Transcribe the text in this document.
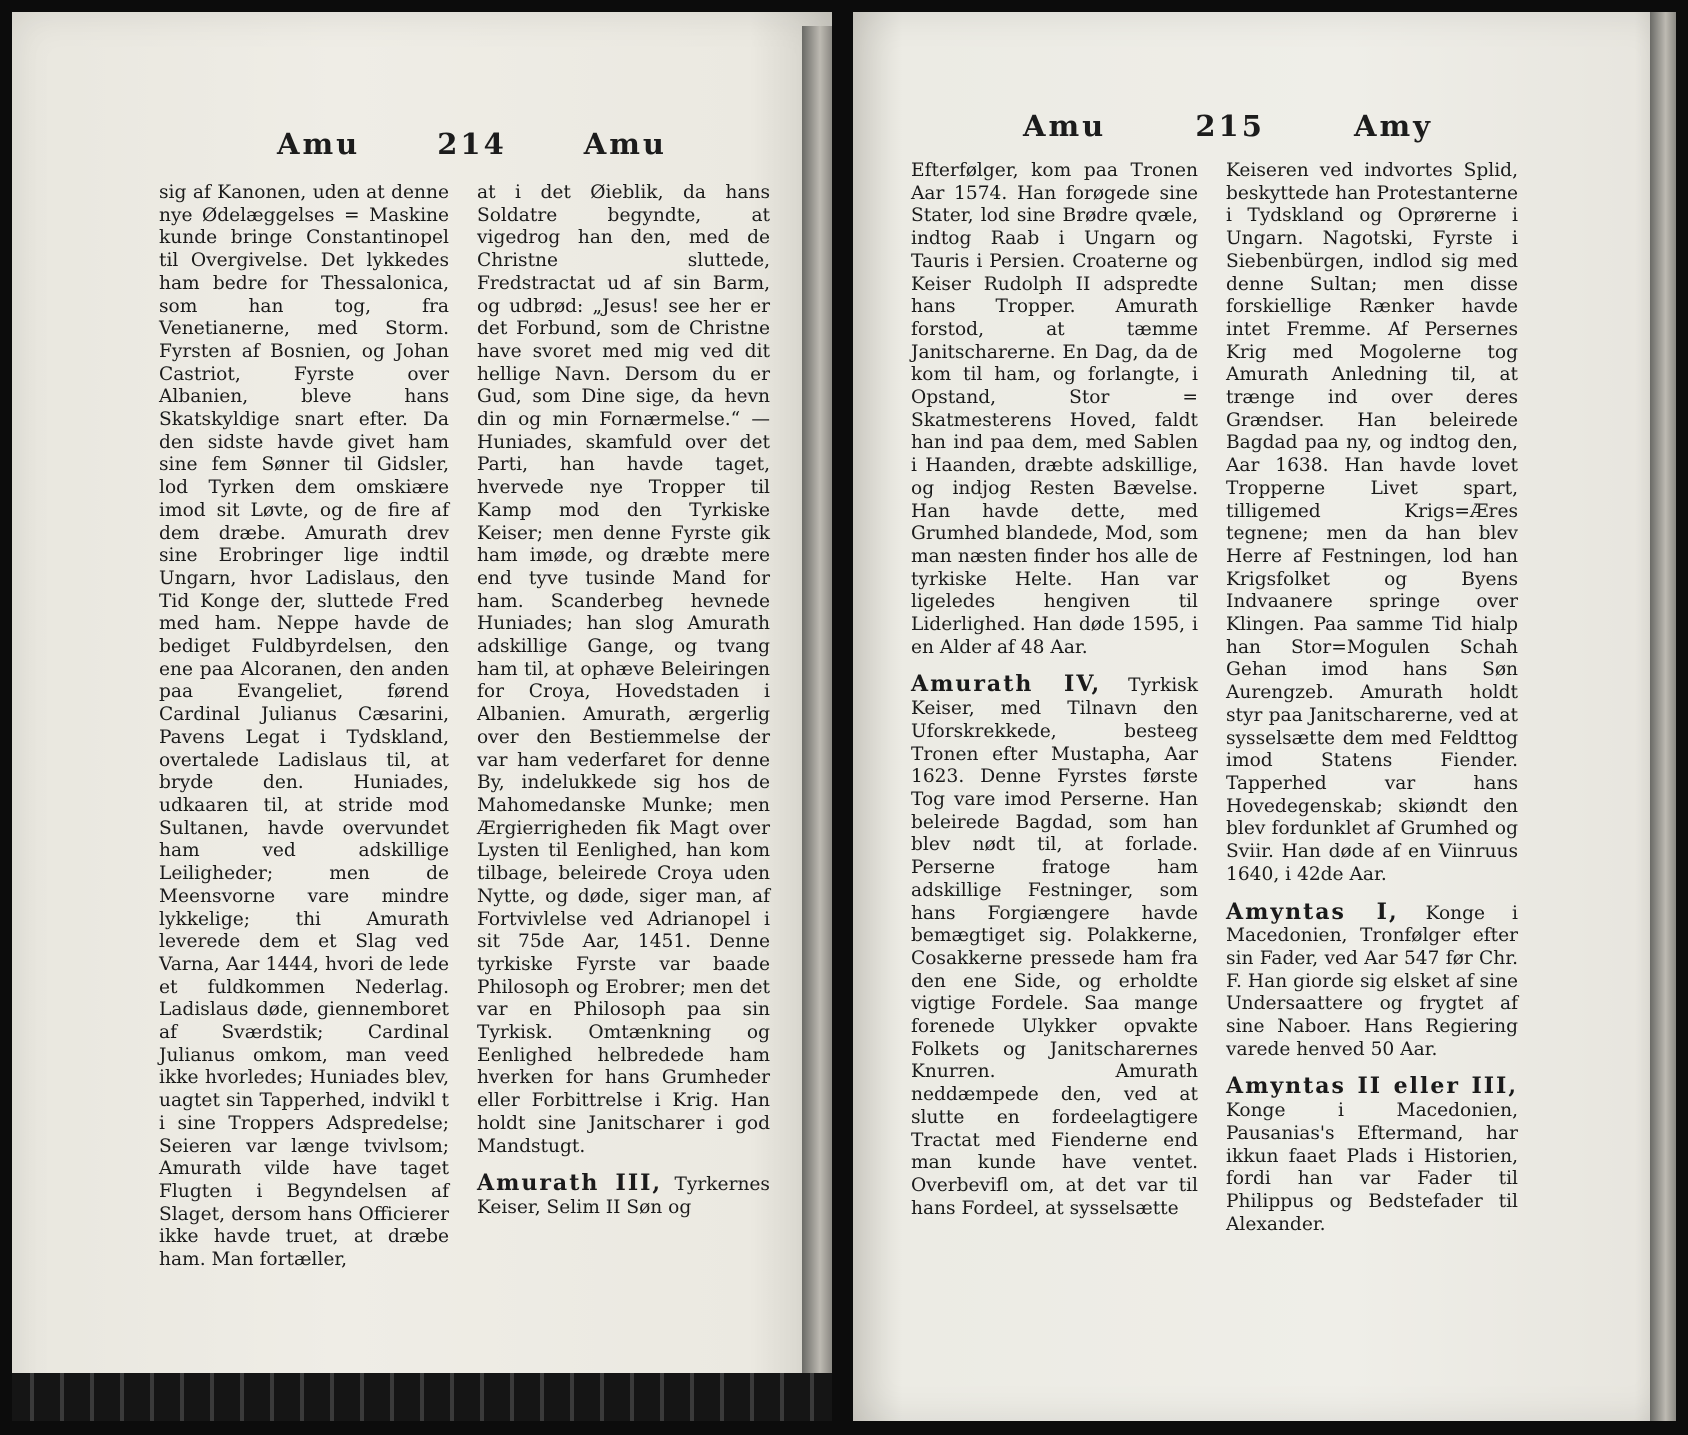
Amu	214	Amu

sig af Kanonen, uden at denne nye Ødelæggelses = Maskine kunde bringe Constantinopel til Overgivelse. Det lykkedes ham bedre for Thessalonica, som han tog, fra Venetianerne, med Storm. Fyrsten af Bosnien, og Johan Castriot, Fyrste over Albanien, bleve hans Skatskyldige snart efter. Da den sidste havde givet ham sine fem Sønner til Gidsler, lod Tyrken dem omskiære imod sit Løvte, og de fire af dem dræbe. Amurath drev sine Erobringer lige indtil Ungarn, hvor Ladislaus, den Tid Konge der, sluttede Fred med ham. Neppe havde de bediget Fuldbyrdelsen, den ene paa Alcoranen, den anden paa Evangeliet, førend Cardinal Julianus Cæsarini, Pavens Legat i Tydskland, overtalede Ladislaus til, at bryde den. Huniades, udkaaren til, at stride mod Sultanen, havde overvundet ham ved adskillige Leiligheder; men de Meensvorne vare mindre lykkelige; thi Amurath leverede dem et Slag ved Varna, Aar 1444, hvori de lede et fuldkommen Nederlag. Ladislaus døde, giennemboret af Sværdstik; Cardinal Julianus omkom, man veed ikke hvorledes; Huniades blev, uagtet sin Tapperhed, indvikl t i sine Troppers Adspredelse; Seieren var længe tvivlsom; Amurath vilde have taget Flugten i Begyndelsen af Slaget, dersom hans Officierer ikke havde truet, at dræbe ham. Man fortæller,

at i det Øieblik, da hans Soldatre begyndte, at vigedrog han den, med de Christne sluttede, Fredstractat ud af sin Barm, og udbrød: „Jesus! see her er det Forbund, som de Christne have svoret med mig ved dit hellige Navn. Dersom du er Gud, som Dine sige, da hevn din og min Fornærmelse.“ — Huniades, skamfuld over det Parti, han havde taget, hvervede nye Tropper til Kamp mod den Tyrkiske Keiser; men denne Fyrste gik ham imøde, og dræbte mere end tyve tusinde Mand for ham. Scanderbeg hevnede Huniades; han slog Amurath adskillige Gange, og tvang ham til, at ophæve Beleiringen for Croya, Hovedstaden i Albanien. Amurath, ærgerlig over den Bestiemmelse der var ham vederfaret for denne By, indelukkede sig hos de Mahomedanske Munke; men Ærgierrigheden fik Magt over Lysten til Eenlighed, han kom tilbage, beleirede Croya uden Nytte, og døde, siger man, af Fortvivlelse ved Adrianopel i sit 75de Aar, 1451. Denne tyrkiske Fyrste var baade Philosoph og Erobrer; men det var en Philosoph paa sin Tyrkisk. Omtænkning og Eenlighed helbredede ham hverken for hans Grumheder eller Forbittrelse i Krig. Han holdt sine Janitscharer i god Mandstugt.

Amurath III, Tyrkernes Keiser, Selim II Søn og

Amu	215	Amy

Efterfølger, kom paa Tronen Aar 1574. Han forøgede sine Stater, lod sine Brødre qvæle, indtog Raab i Ungarn og Tauris i Persien. Croaterne og Keiser Rudolph II adspredte hans Tropper. Amurath forstod, at tæmme Janitscharerne. En Dag, da de kom til ham, og forlangte, i Opstand, Stor = Skatmesterens Hoved, faldt han ind paa dem, med Sablen i Haanden, dræbte adskillige, og indjog Resten Bævelse. Han havde dette, med Grumhed blandede, Mod, som man næsten finder hos alle de tyrkiske Helte. Han var ligeledes hengiven til Liderlighed. Han døde 1595, i en Alder af 48 Aar.

Amurath IV, Tyrkisk Keiser, med Tilnavn den Uforskrekkede, besteeg Tronen efter Mustapha, Aar 1623. Denne Fyrstes første Tog vare imod Perserne. Han beleirede Bagdad, som han blev nødt til, at forlade. Perserne fratoge ham adskillige Festninger, som hans Forgiængere havde bemægtiget sig. Polakkerne, Cosakkerne pressede ham fra den ene Side, og erholdte vigtige Fordele. Saa mange forenede Ulykker opvakte Folkets og Janitscharernes Knurren. Amurath neddæmpede den, ved at slutte en fordeelagtigere Tractat med Fienderne end man kunde have ventet. Overbevifl om, at det var til hans Fordeel, at sysselsætte

Keiseren ved indvortes Splid, beskyttede han Protestanterne i Tydskland og Oprørerne i Ungarn. Nagotski, Fyrste i Siebenbürgen, indlod sig med denne Sultan; men disse forskiellige Rænker havde intet Fremme. Af Persernes Krig med Mogolerne tog Amurath Anledning til, at trænge ind over deres Grændser. Han beleirede Bagdad paa ny, og indtog den, Aar 1638. Han havde lovet Tropperne Livet spart, tilligemed Krigs=Æres tegnene; men da han blev Herre af Festningen, lod han Krigsfolket og Byens Indvaanere springe over Klingen. Paa samme Tid hialp han Stor=Mogulen Schah Gehan imod hans Søn Aurengzeb. Amurath holdt styr paa Janitscharerne, ved at sysselsætte dem med Feldttog imod Statens Fiender. Tapperhed var hans Hovedegenskab; skiøndt den blev fordunklet af Grumhed og Sviir. Han døde af en Viinruus 1640, i 42de Aar.

Amyntas I, Konge i Macedonien, Tronfølger efter sin Fader, ved Aar 547 før Chr. F. Han giorde sig elsket af sine Undersaattere og frygtet af sine Naboer. Hans Regiering varede henved 50 Aar.

Amyntas II eller III, Konge i Macedonien, Pausanias's Eftermand, har ikkun faaet Plads i Historien, fordi han var Fader til Philippus og Bedstefader til Alexander.
